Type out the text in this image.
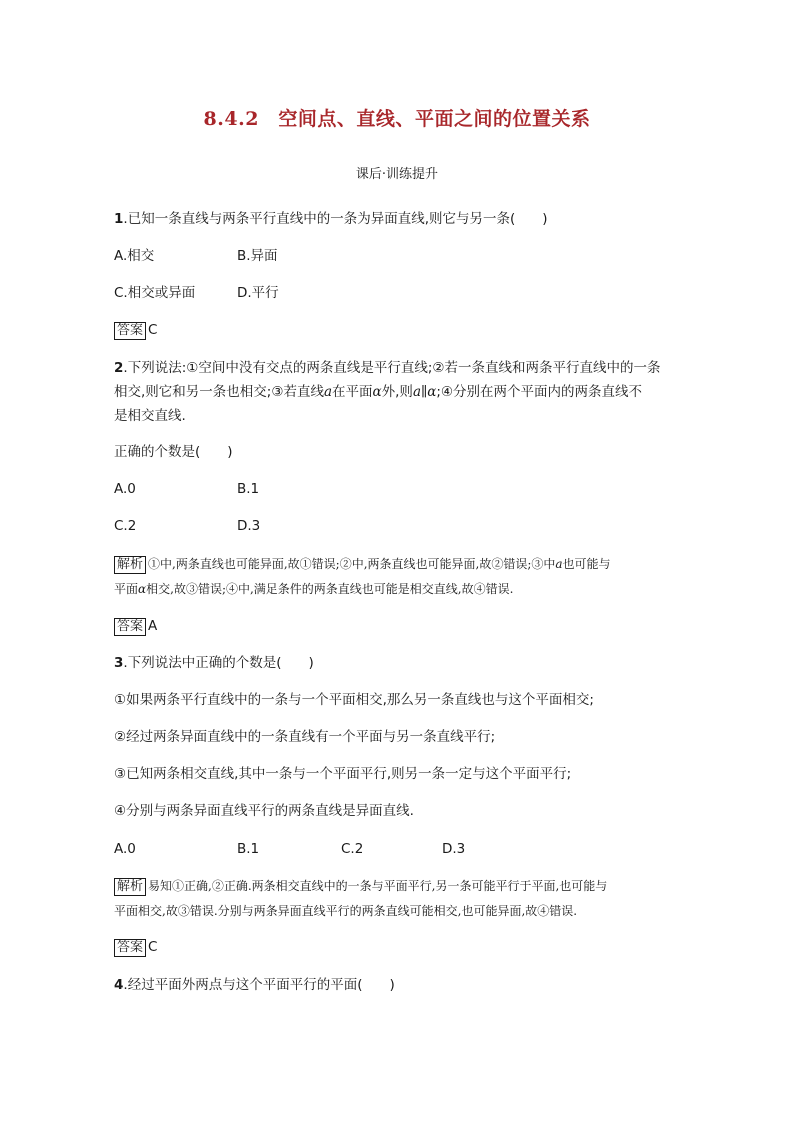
8.4.2　空间点、直线、平面之间的位置关系
课后·训练提升
1.已知一条直线与两条平行直线中的一条为异面直线,则它与另一条(　　)
A.相交	B.异面
C.相交或异面	D.平行
答案 C
2.下列说法:①空间中没有交点的两条直线是平行直线;②若一条直线和两条平行直线中的一条
相交,则它和另一条也相交;③若直线a在平面α外,则a∥α;④分别在两个平面内的两条直线不
是相交直线.
正确的个数是(　　)
A.0	B.1
C.2	D.3
解析 ①中,两条直线也可能异面,故①错误;②中,两条直线也可能异面,故②错误;③中a也可能与
平面α相交,故③错误;④中,满足条件的两条直线也可能是相交直线,故④错误.
答案 A
3.下列说法中正确的个数是(　　)
①如果两条平行直线中的一条与一个平面相交,那么另一条直线也与这个平面相交;
②经过两条异面直线中的一条直线有一个平面与另一条直线平行;
③已知两条相交直线,其中一条与一个平面平行,则另一条一定与这个平面平行;
④分别与两条异面直线平行的两条直线是异面直线.
A.0	B.1	C.2	D.3
解析 易知①正确,②正确.两条相交直线中的一条与平面平行,另一条可能平行于平面,也可能与
平面相交,故③错误.分别与两条异面直线平行的两条直线可能相交,也可能异面,故④错误.
答案 C
4.经过平面外两点与这个平面平行的平面(　　)
